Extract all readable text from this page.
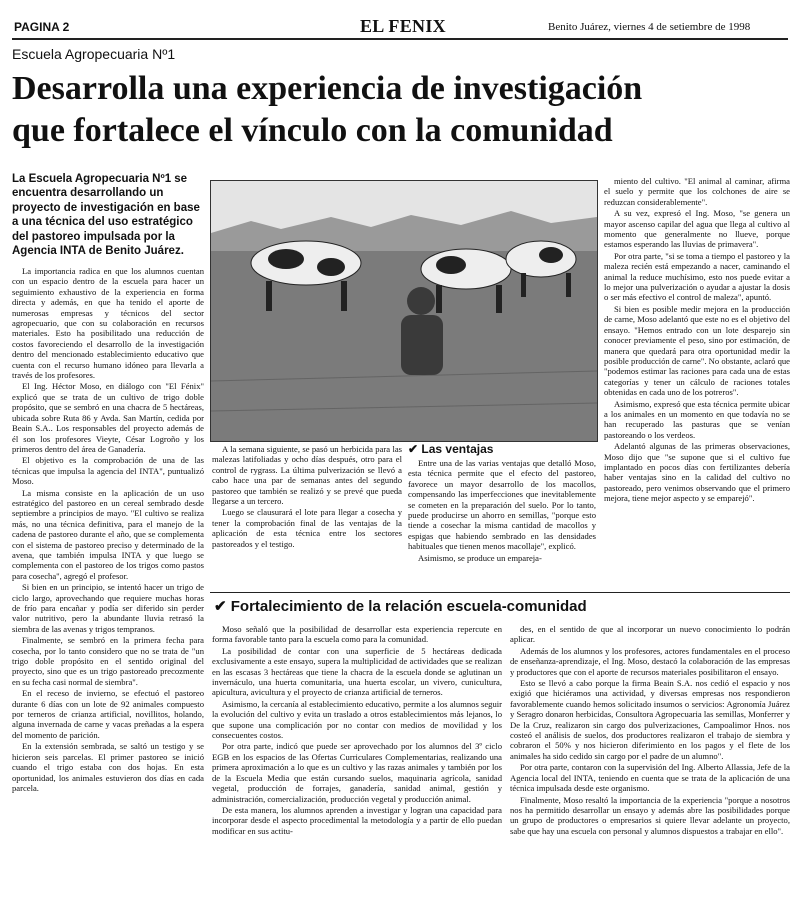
PAGINA 2	EL FENIX	Benito Juárez, viernes 4 de setiembre de 1998
Escuela Agropecuaria Nº1
Desarrolla una experiencia de investigación
que fortalece el vínculo con la comunidad
La Escuela Agropecuaria Nº1 se encuentra desarrollando un proyecto de investigación en base a una técnica del uso estratégico del pastoreo impulsada por la Agencia INTA de Benito Juárez.

La importancia radica en que los alumnos cuentan con un espacio dentro de la escuela para hacer un seguimiento exhaustivo de la experiencia en forma directa y además, en que ha tenido el aporte de numerosas empresas y técnicos del sector agropecuario, que con su colaboración en recursos materiales. Esto ha posibilitado una reducción de costos favoreciendo el desarrollo de la investigación dentro del mencionado establecimiento educativo que cuenta con el recurso humano idóneo para llevarla a través de los profesores.

El Ing. Héctor Moso, en diálogo con "El Fénix" explicó que se trata de un cultivo de trigo doble propósito, que se sembró en una chacra de 5 hectáreas, ubicada sobre Ruta 86 y Avda. San Martín, cedida por Beain S.A.. Los responsables del proyecto además de él son los profesores Vieyte, César Logroño y los primeros dentro del área de Ganadería.

El objetivo es la comprobación de una de las técnicas que impulsa la agencia del INTA", puntualizó Moso.

La misma consiste en la aplicación de un uso estratégico del pastoreo en un cereal sembrado desde septiembre a principios de mayo. "El cultivo se realiza más, no una técnica definitiva, para el manejo de la cadena de pastoreo durante el año, que se complementa con el sistema de pastoreo preciso y determinado de la avena, que también impulsa INTA y que luego se complementa con el pastoreo de los trigos como pastos para cosecha", agregó el profesor.

Si bien en un principio, se intentó hacer un trigo de ciclo largo, aprovechando que requiere muchas horas de frío para encañar y podía ser diferido sin perder valor nutritivo, pero la abundante lluvia retrasó la siembra de las avenas y trigos tempranos.

Finalmente, se sembró en la primera fecha para cosecha, por lo tanto considero que no se trata de "un trigo doble propósito en el sentido original del proyecto, sino que es un trigo pastoreado precozmente en su fecha casi normal de siembra".

En el receso de invierno, se efectuó el pastoreo durante 6 días con un lote de 92 animales compuesto por terneros de crianza artificial, novillitos, holando, alguna invernada de carne y vacas preñadas a la espera del momento de parición.

En la extensión sembrada, se saltó un testigo y se hicieron seis parcelas. El primer pastoreo se inició cuando el trigo estaba con dos hojas. En esta oportunidad, los animales estuvieron dos días en cada parcela.

A la semana siguiente, se pasó un herbicida para las malezas latifoliadas y ocho días después, otro para el control de rygrass. La última pulverización se llevó a cabo hace una par de semanas antes del segundo pastoreo que también se realizó y se prevé que pueda llegarse a un tercero.

Luego se clausurará el lote para llegar a cosecha y tener la comprobación final de las ventajas de la aplicación de esta técnica entre los sectores pastoreados y el testigo.

✔ Las ventajas

Entre una de las varias ventajas que detalló Moso, esta técnica permite que el efecto del pastoreo, favorece un mayor desarrollo de los macollos, compensando las imperfecciones que inevitablemente se cometen en la preparación del suelo. Por lo tanto, puede producirse un ahorro en semillas, "porque esto tiende a cosechar la misma cantidad de macollos y espigas que habiendo sembrado en las densidades habituales que tienen menos macollaje", explicó.

Asimismo, se produce un empareja-

miento del cultivo. "El animal al caminar, afirma el suelo y permite que los colchones de aire se reduzcan considerablemente".

A su vez, expresó el Ing. Moso, "se genera un mayor ascenso capilar del agua que llega al cultivo al momento que generalmente no llueve, porque estamos esperando las lluvias de primavera".

Por otra parte, "si se toma a tiempo el pastoreo y la maleza recién está empezando a nacer, caminando el animal la reduce muchísimo, esto nos puede evitar a lo mejor una pulverización o ayudar a ajustar la dosis o ser más efectivo el control de maleza", apuntó.

Si bien es posible medir mejora en la producción de carne, Moso adelantó que este no es el objetivo del ensayo. "Hemos entrado con un lote desparejo sin conocer previamente el peso, sino por estimación, de manera que quedará para otra oportunidad medir la posible producción de carne". No obstante, aclaró que "podemos estimar las raciones para cada una de estas categorías y tener un cálculo de raciones totales obtenidas en cada uno de los potreros".

Asimismo, expresó que esta técnica permite ubicar a los animales en un momento en que todavía no se han recuperado las pasturas que se venían pastoreando o los verdeos.

Adelantó algunas de las primeras observaciones, Moso dijo que "se supone que si el cultivo fue implantado en pocos días con fertilizantes debería haber ventajas sino en la calidad del cultivo no pastoreado, pero venimos observando que el primero mejora, tiene mejor aspecto y se emparejó".

✔ Fortalecimiento de la relación escuela-comunidad

Moso señaló que la posibilidad de desarrollar esta experiencia repercute en forma favorable tanto para la escuela como para la comunidad.

La posibilidad de contar con una superficie de 5 hectáreas dedicada exclusivamente a este ensayo, supera la multiplicidad de actividades que se realizan en las escasas 3 hectáreas que tiene la chacra de la escuela donde se aglutinan un invernáculo, una huerta comunitaria, una huerta escolar, un vivero, cunicultura, apicultura, avicultura y el proyecto de crianza artificial de terneros.

Asimismo, la cercanía al establecimiento educativo, permite a los alumnos seguir la evolución del cultivo y evita un traslado a otros establecimientos más lejanos, lo que supone una complicación por no contar con medios de movilidad y los consecuentes costos.

Por otra parte, indicó que puede ser aprovechado por los alumnos del 3º ciclo EGB en los espacios de las Ofertas Curriculares Complementarias, realizando una primera aproximación a lo que es un cultivo y las razas animales y también por los de la Escuela Media que están cursando suelos, maquinaria agrícola, sanidad vegetal, producción de forrajes, ganadería, sanidad animal, gestión y administración, comercialización, producción vegetal y producción animal.

De esta manera, los alumnos aprenden a investigar y logran una capacidad para incorporar desde el aspecto procedimental la metodología y a partir de ello puedan modificar en sus actitu-

des, en el sentido de que al incorporar un nuevo conocimiento lo podrán aplicar.

Además de los alumnos y los profesores, actores fundamentales en el proceso de enseñanza-aprendizaje, el Ing. Moso, destacó la colaboración de las empresas y productores que con el aporte de recursos materiales posibilitaron el ensayo.

Esto se llevó a cabo porque la firma Beain S.A. nos cedió el espacio y nos exigió que hiciéramos una actividad, y diversas empresas nos respondieron favorablemente cuando hemos solicitado insumos o servicios: Agronomía Juárez y Seragro donaron herbicidas, Consultora Agropecuaria las semillas, Monferrer y De la Cruz, realizaron sin cargo dos pulverizaciones, Campoalimor Hnos. nos costeó el análisis de suelos, dos productores realizaron el trabajo de siembra y cobraron el 50% y nos hicieron diferimiento en los pagos y el flete de los animales ha sido cedido sin cargo por el padre de un alumno".

Por otra parte, contaron con la supervisión del Ing. Alberto Allassia, Jefe de la Agencia local del INTA, teniendo en cuenta que se trata de la aplicación de una técnica impulsada desde este organismo.

Finalmente, Moso resaltó la importancia de la experiencia "porque a nosotros nos ha permitido desarrollar un ensayo y además abre las posibilidades porque un grupo de productores o empresarios si quiere llevar adelante un proyecto, sabe que hay una escuela con personal y alumnos dispuestos a trabajar en ello".
